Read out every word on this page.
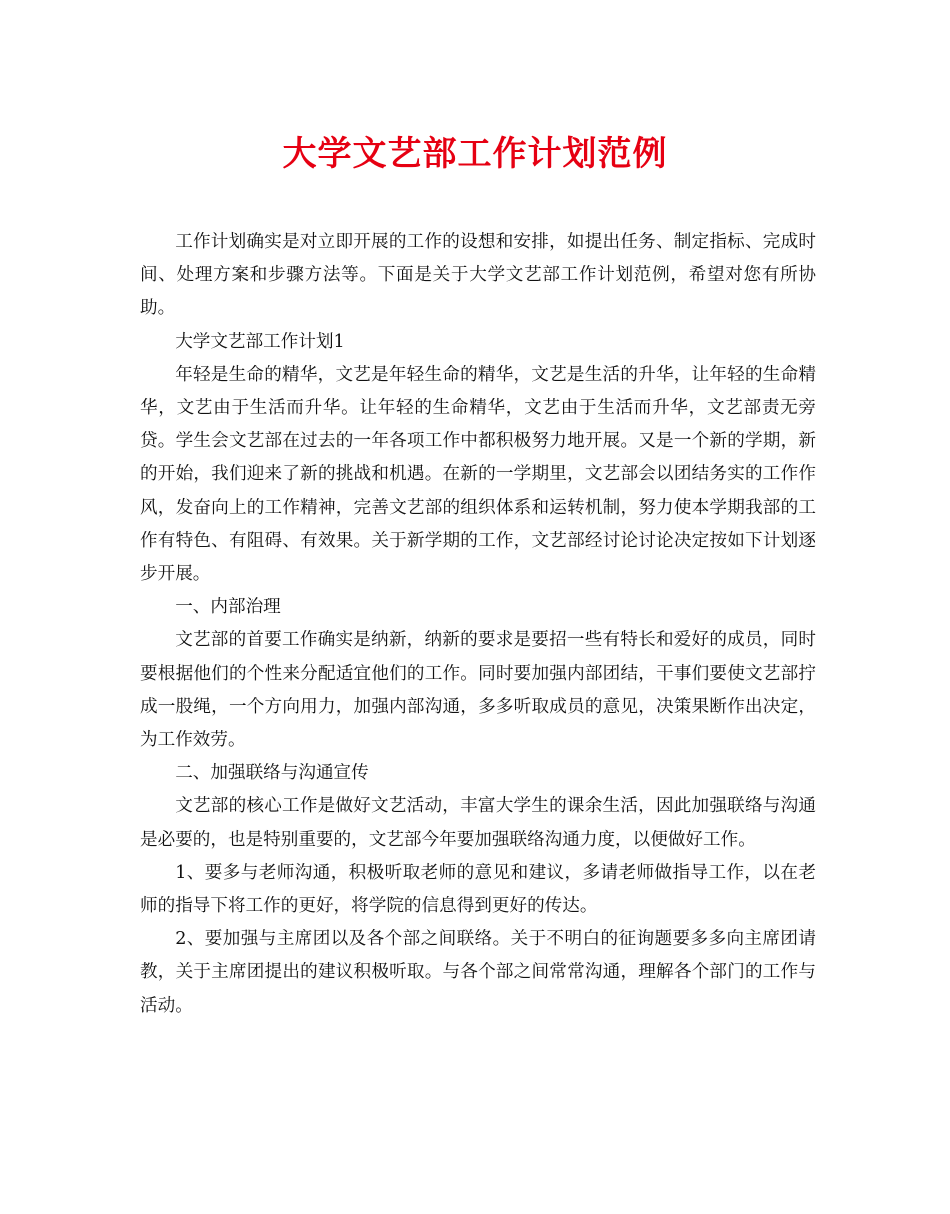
大学文艺部工作计划范例

工作计划确实是对立即开展的工作的设想和安排，如提出任务、制定指标、完成时间、处理方案和步骤方法等。下面是关于大学文艺部工作计划范例，希望对您有所协助。

大学文艺部工作计划1

年轻是生命的精华，文艺是年轻生命的精华，文艺是生活的升华，让年轻的生命精华，文艺由于生活而升华。让年轻的生命精华，文艺由于生活而升华，文艺部责无旁贷。学生会文艺部在过去的一年各项工作中都积极努力地开展。又是一个新的学期，新的开始，我们迎来了新的挑战和机遇。在新的一学期里，文艺部会以团结务实的工作作风，发奋向上的工作精神，完善文艺部的组织体系和运转机制，努力使本学期我部的工作有特色、有阻碍、有效果。关于新学期的工作，文艺部经讨论讨论决定按如下计划逐步开展。

一、内部治理

文艺部的首要工作确实是纳新，纳新的要求是要招一些有特长和爱好的成员，同时要根据他们的个性来分配适宜他们的工作。同时要加强内部团结，干事们要使文艺部拧成一股绳，一个方向用力，加强内部沟通，多多听取成员的意见，决策果断作出决定，为工作效劳。

二、加强联络与沟通宣传

文艺部的核心工作是做好文艺活动，丰富大学生的课余生活，因此加强联络与沟通是必要的，也是特别重要的，文艺部今年要加强联络沟通力度，以便做好工作。

1、要多与老师沟通，积极听取老师的意见和建议，多请老师做指导工作，以在老师的指导下将工作的更好，将学院的信息得到更好的传达。

2、要加强与主席团以及各个部之间联络。关于不明白的征询题要多多向主席团请教，关于主席团提出的建议积极听取。与各个部之间常常沟通，理解各个部门的工作与活动。
